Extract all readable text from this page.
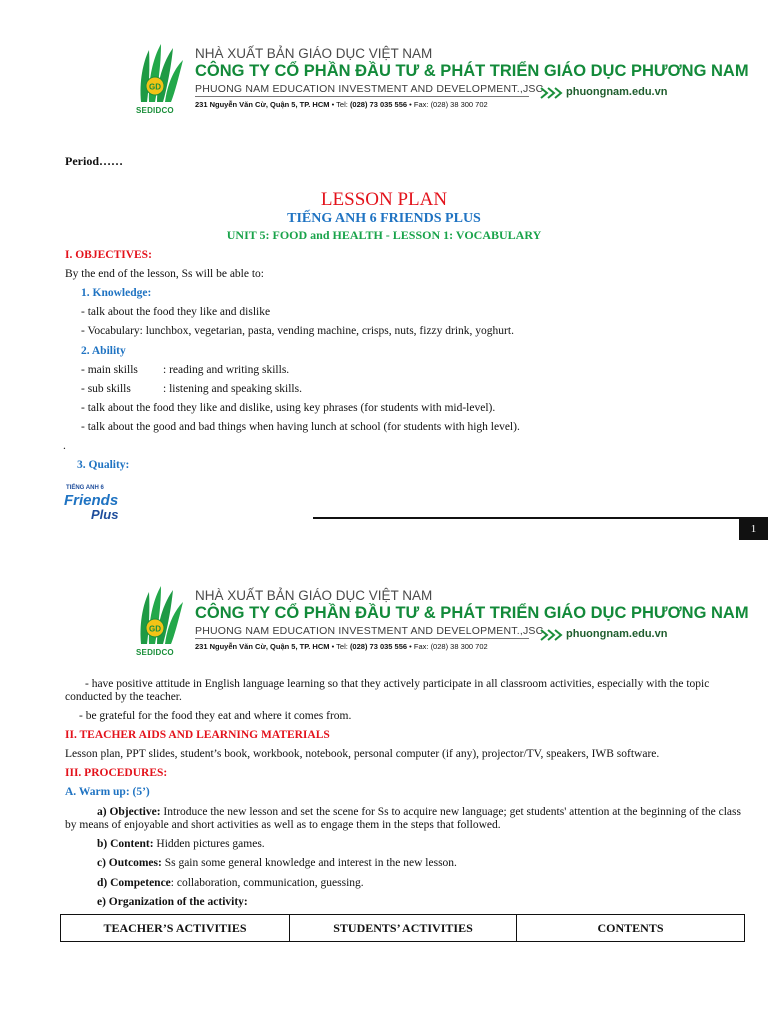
GD
SEDIDCO
NHÀ XUẤT BẢN GIÁO DỤC VIỆT NAM
CÔNG TY CỔ PHẦN ĐẦU TƯ & PHÁT TRIỂN GIÁO DỤC PHƯƠNG NAM
PHUONG NAM EDUCATION INVESTMENT AND DEVELOPMENT.,JSC
231 Nguyễn Văn Cừ, Quận 5, TP. HCM • Tel: (028) 73 035 556 • Fax: (028) 38 300 702
phuongnam.edu.vn
Period……
LESSON PLAN
TIẾNG ANH 6 FRIENDS PLUS
UNIT 5: FOOD and HEALTH - LESSON 1: VOCABULARY
I. OBJECTIVES:
By the end of the lesson, Ss will be able to:
1. Knowledge:
- talk about the food they like and dislike
- Vocabulary: lunchbox, vegetarian, pasta, vending machine, crisps, nuts, fizzy drink, yoghurt.
2. Ability
- main skills : reading and writing skills.
- sub skills	: listening and speaking skills.
- talk about the food they like and dislike, using key phrases (for students with mid-level).
- talk about the good and bad things when having lunch at school (for students with high level).
.
3. Quality:
TIẾNG ANH 6
Friends
Plus
1
GD
SEDIDCO
NHÀ XUẤT BẢN GIÁO DỤC VIỆT NAM
CÔNG TY CỔ PHẦN ĐẦU TƯ & PHÁT TRIỂN GIÁO DỤC PHƯƠNG NAM
PHUONG NAM EDUCATION INVESTMENT AND DEVELOPMENT.,JSC
231 Nguyễn Văn Cừ, Quận 5, TP. HCM • Tel: (028) 73 035 556 • Fax: (028) 38 300 702
phuongnam.edu.vn
- have positive attitude in English language learning so that they actively participate in all classroom activities, especially with the topic conducted by the teacher.
- be grateful for the food they eat and where it comes from.
II. TEACHER AIDS AND LEARNING MATERIALS
Lesson plan, PPT slides, student’s book, workbook, notebook, personal computer (if any), projector/TV, speakers, IWB software.
III. PROCEDURES:
A. Warm up: (5’)
a) Objective: Introduce the new lesson and set the scene for Ss to acquire new language; get students' attention at the beginning of the class by means of enjoyable and short activities as well as to engage them in the steps that followed.
b) Content: Hidden pictures games.
c) Outcomes: Ss gain some general knowledge and interest in the new lesson.
d) Competence: collaboration, communication, guessing.
e) Organization of the activity:
TEACHER’S ACTIVITIES	STUDENTS’ ACTIVITIES	CONTENTS
